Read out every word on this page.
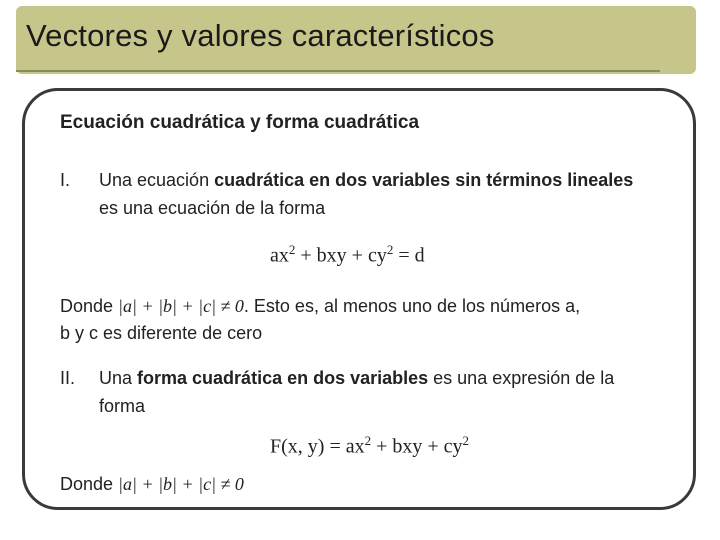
Vectores y valores característicos
Ecuación cuadrática y forma cuadrática
I. Una ecuación cuadrática en dos variables sin términos lineales
es una ecuación de la forma
$ax^2$ + bxy + $cy^2 = d$
Donde |a| + |b| + |c| ≠ 0. Esto es, al menos uno de los números a,
b y c es diferente de cero
II. Una forma cuadrática en dos variables es una expresión de la
forma
F(x, $y) = ax^2$ + bxy + $cy^2$
Donde |a| + |b| + |c| ≠ 0
